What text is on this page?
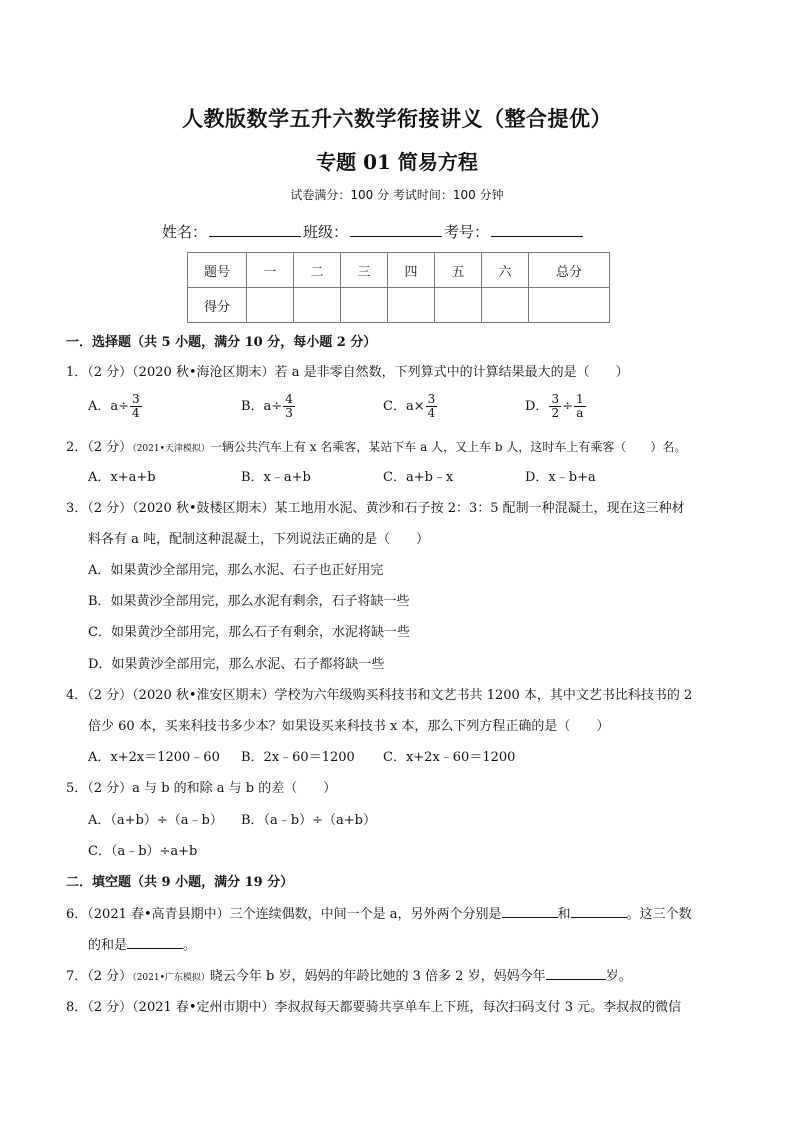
人教版数学五升六数学衔接讲义（整合提优）
专题 01 简易方程
试卷满分：100 分 考试时间：100 分钟
姓名：	班级：	考号：
题号	一	二	三	四	五	六	总分
得分							
一．选择题（共 5 小题，满分 10 分，每小题 2 分）
1．（2 分）（2020 秋•海沧区期末）若 a 是非零自然数，下列算式中的计算结果最大的是（　　）
A．$a\div \frac{3}{4}$	B．$a\div \frac{4}{3}$	C．$a\times \frac{3}{4}$	D． $\frac{3}{2} \div \frac{1}{a}$
2．（2 分）（2021•天津模拟）一辆公共汽车上有 x 名乘客，某站下车 a 人，又上车 b 人，这时车上有乘客（　　）名。
A．x+a+b	B．x﹣a+b	C．a+b﹣x	D．x﹣b+a
3．（2 分）（2020 秋•鼓楼区期末）某工地用水泥、黄沙和石子按 2：3：5 配制一种混凝土，现在这三种材
料各有 a 吨，配制这种混凝土，下列说法正确的是（　　）
A．如果黄沙全部用完，那么水泥、石子也正好用完
B．如果黄沙全部用完，那么水泥有剩余，石子将缺一些
C．如果黄沙全部用完，那么石子有剩余，水泥将缺一些
D．如果黄沙全部用完，那么水泥、石子都将缺一些
4．（2 分）（2020 秋•淮安区期末）学校为六年级购买科技书和文艺书共 1200 本，其中文艺书比科技书的 2
倍少 60 本，买来科技书多少本？如果设买来科技书 x 本，那么下列方程正确的是（　　）
A．x+2x＝1200﹣60 B．2x﹣60＝1200 C．x+2x﹣60＝1200
5．（2 分）a 与 b 的和除 a 与 b 的差（　　）
A．（a+b）÷（a﹣b） B．（a﹣b）÷（a+b）
C．（a﹣b）÷a+b
二．填空题（共 9 小题，满分 19 分）
6．（2021 春•高青县期中）三个连续偶数，中间一个是 a，另外两个分别是	和	。这三个数
的和是	。
7．（2 分）（2021•广东模拟）晓云今年 b 岁，妈妈的年龄比她的 3 倍多 2 岁，妈妈今年	岁。
8．（2 分）（2021 春•定州市期中）李叔叔每天都要骑共享单车上下班，每次扫码支付 3 元。李叔叔的微信
